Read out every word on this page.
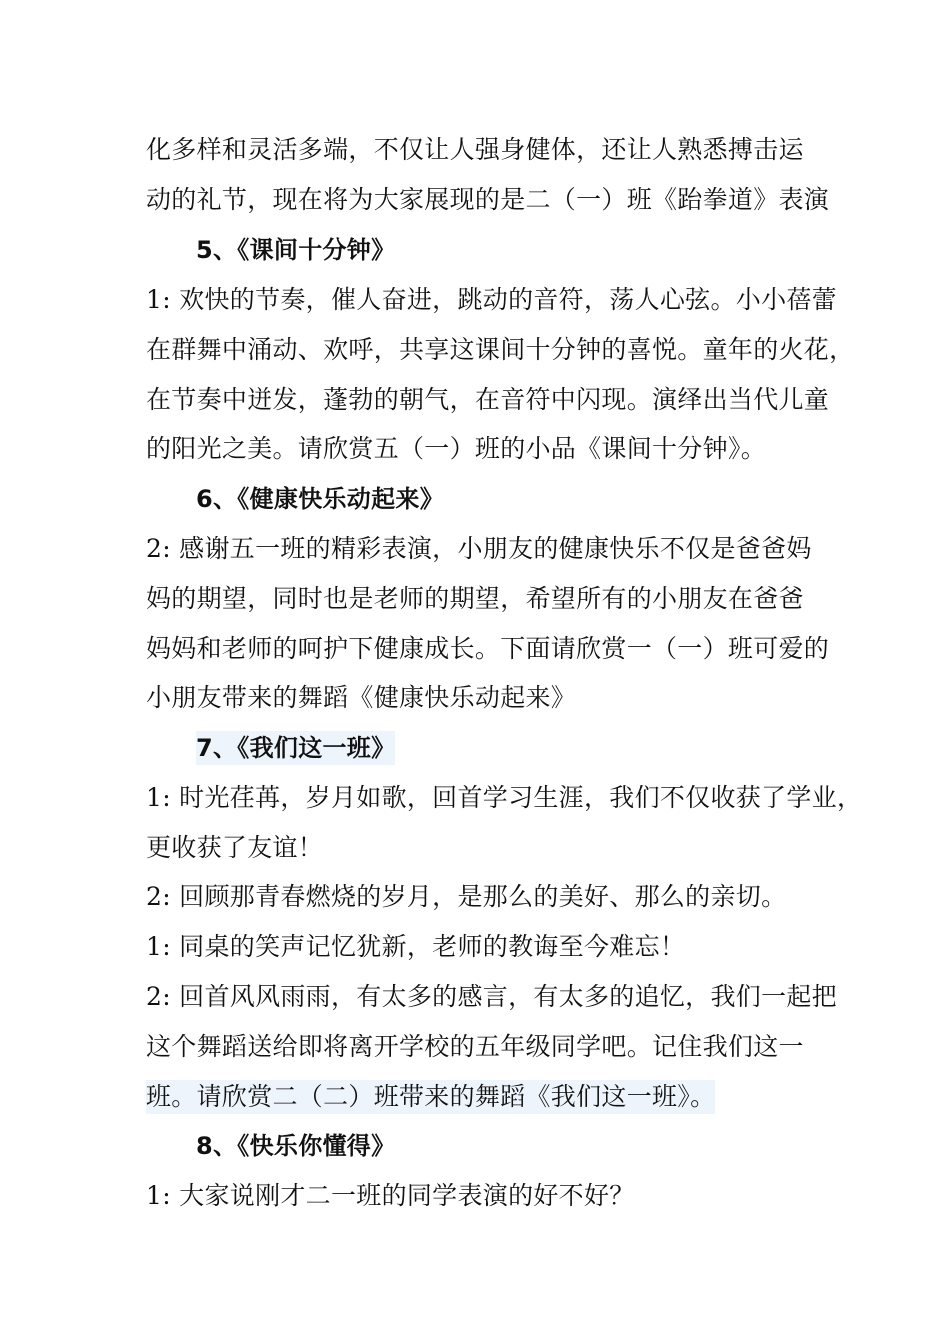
化多样和灵活多端，不仅让人强身健体，还让人熟悉搏击运
动的礼节，现在将为大家展现的是二（一）班《跆拳道》表演
5、《课间十分钟》
1: 欢快的节奏，催人奋进，跳动的音符，荡人心弦。小小蓓蕾
在群舞中涌动、欢呼，共享这课间十分钟的喜悦。童年的火花，
在节奏中迸发，蓬勃的朝气，在音符中闪现。演绎出当代儿童
的阳光之美。请欣赏五（一）班的小品《课间十分钟》。
6、《健康快乐动起来》
2: 感谢五一班的精彩表演，小朋友的健康快乐不仅是爸爸妈
妈的期望，同时也是老师的期望，希望所有的小朋友在爸爸
妈妈和老师的呵护下健康成长。下面请欣赏一（一）班可爱的
小朋友带来的舞蹈《健康快乐动起来》
7、《我们这一班》
1: 时光荏苒，岁月如歌，回首学习生涯，我们不仅收获了学业，
更收获了友谊！
2: 回顾那青春燃烧的岁月，是那么的美好、那么的亲切。
1: 同桌的笑声记忆犹新，老师的教诲至今难忘！
2: 回首风风雨雨，有太多的感言，有太多的追忆，我们一起把
这个舞蹈送给即将离开学校的五年级同学吧。记住我们这一
班。请欣赏二（二）班带来的舞蹈《我们这一班》。
8、《快乐你懂得》
1: 大家说刚才二一班的同学表演的好不好？
